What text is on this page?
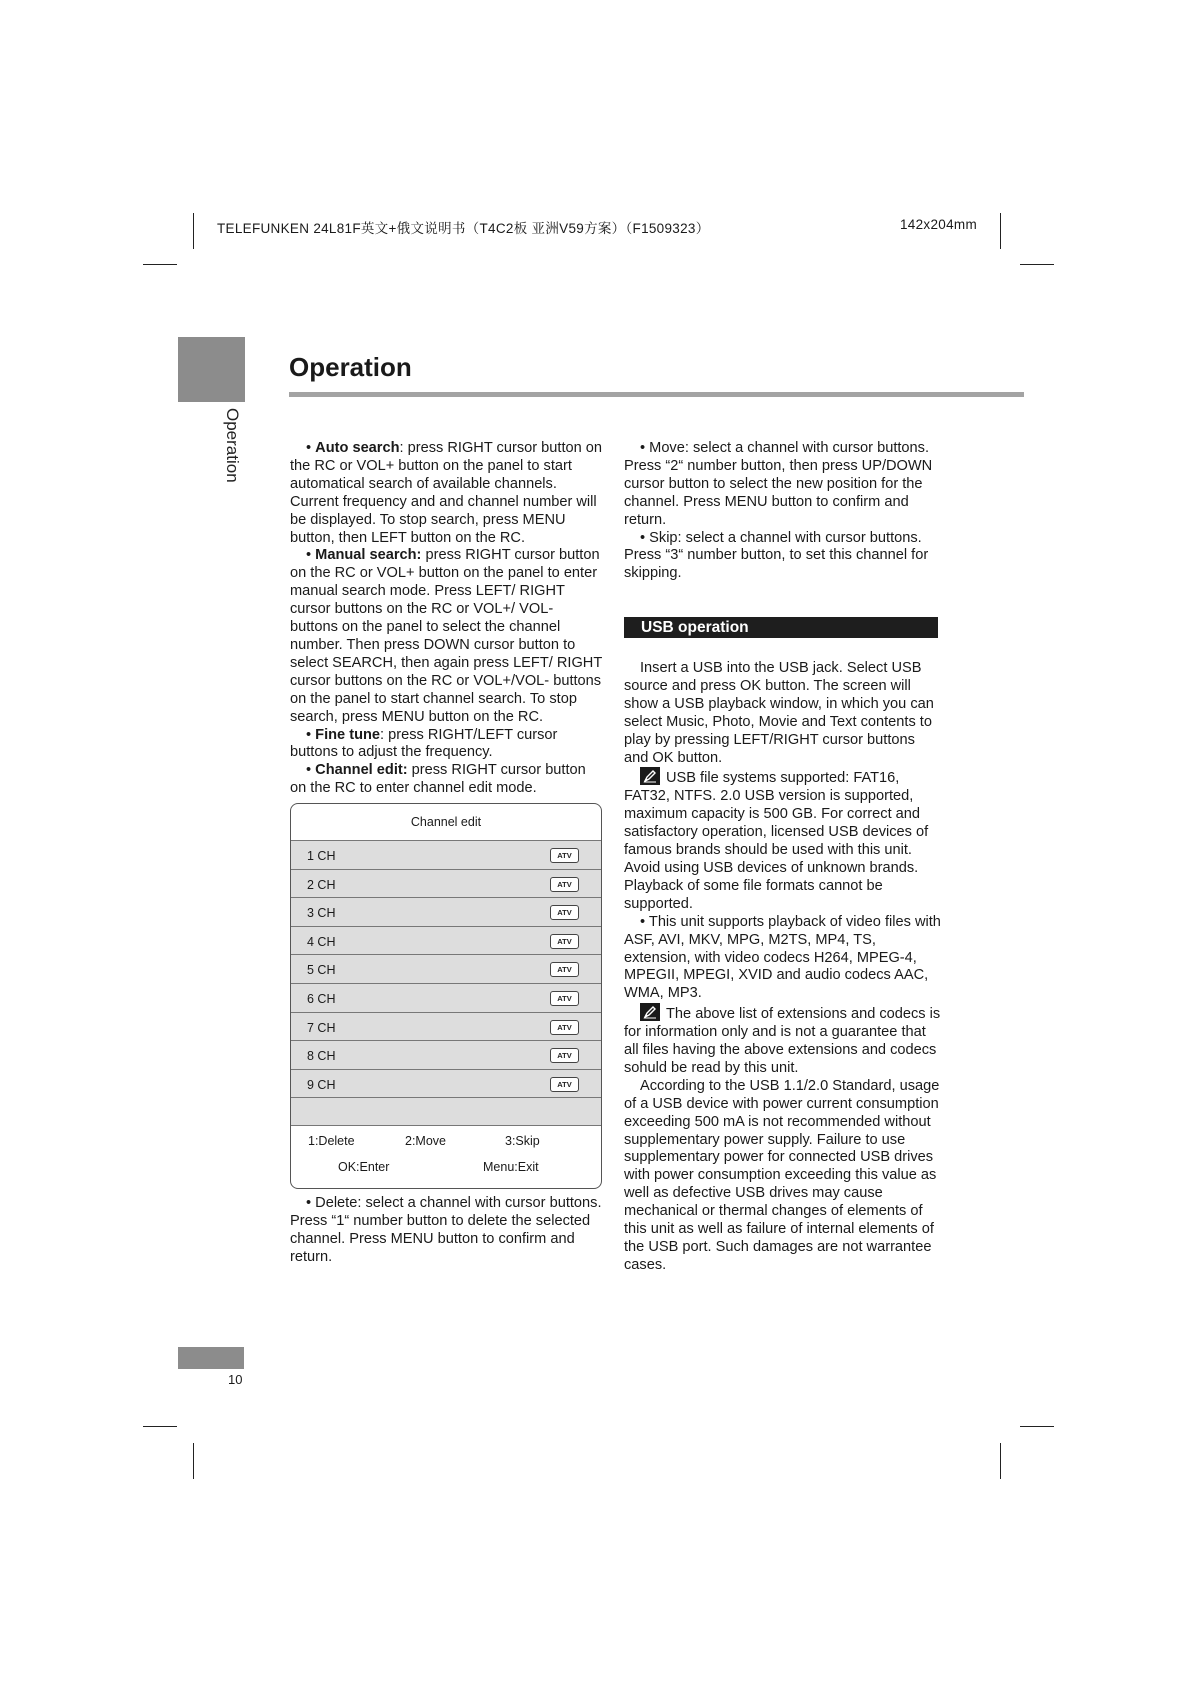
TELEFUNKEN 24L81F英文+俄文说明书（T4C2板 亚洲V59方案）（F1509323）	142x204mm
Operation
Operation

• Auto search: press RIGHT cursor button on the RC or VOL+ button on the panel to start automatical search of available channels. Current frequency and and channel number will be displayed. To stop search, press MENU button, then LEFT button on the RC.

• Manual search: press RIGHT cursor button on the RC or VOL+ button on the panel to enter manual search mode. Press LEFT/ RIGHT cursor buttons on the RC or VOL+/ VOL- buttons on the panel to select the channel number. Then press DOWN cursor button to select SEARCH, then again press LEFT/ RIGHT cursor buttons on the RC or VOL+/VOL- buttons on the panel to start channel search. To stop search, press MENU button on the RC.

• Fine tune: press RIGHT/LEFT cursor buttons to adjust the frequency.

• Channel edit: press RIGHT cursor button on the RC to enter channel edit mode.

Channel edit
1 CH	ATV
2 CH	ATV
3 CH	ATV
4 CH	ATV
5 CH	ATV
6 CH	ATV
7 CH	ATV
8 CH	ATV
9 CH	ATV
1:Delete	2:Move	3:Skip
OK:Enter	Menu:Exit

• Delete: select a channel with cursor buttons. Press “1“ number button to delete the selected channel. Press MENU button to confirm and return.

• Move: select a channel with cursor buttons. Press “2“ number button, then press UP/DOWN cursor button to select the new position for the channel. Press MENU button to confirm and return.

• Skip: select a channel with cursor buttons. Press “3“ number button, to set this channel for skipping.

USB operation

Insert a USB into the USB jack. Select USB source and press OK button. The screen will show a USB playback window, in which you can select Music, Photo, Movie and Text contents to play by pressing LEFT/RIGHT cursor buttons and OK button.

USB file systems supported: FAT16, FAT32, NTFS. 2.0 USB version is supported, maximum capacity is 500 GB. For correct and satisfactory operation, licensed USB devices of famous brands should be used with this unit. Avoid using USB devices of unknown brands. Playback of some file formats cannot be supported.

• This unit supports playback of video files with ASF, AVI, MKV, MPG, M2TS, MP4, TS, extension, with video codecs H264, MPEG-4, MPEGII, MPEGI, XVID and audio codecs AAC, WMA, MP3.

The above list of extensions and codecs is for information only and is not a guarantee that all files having the above extensions and codecs sohuld be read by this unit.

According to the USB 1.1/2.0 Standard, usage of a USB device with power current consumption exceeding 500 mA is not recommended without supplementary power supply. Failure to use supplementary power for connected USB drives with power consumption exceeding this value as well as defective USB drives may cause mechanical or thermal changes of elements of this unit as well as failure of internal elements of the USB port. Such damages are not warrantee cases.

10
